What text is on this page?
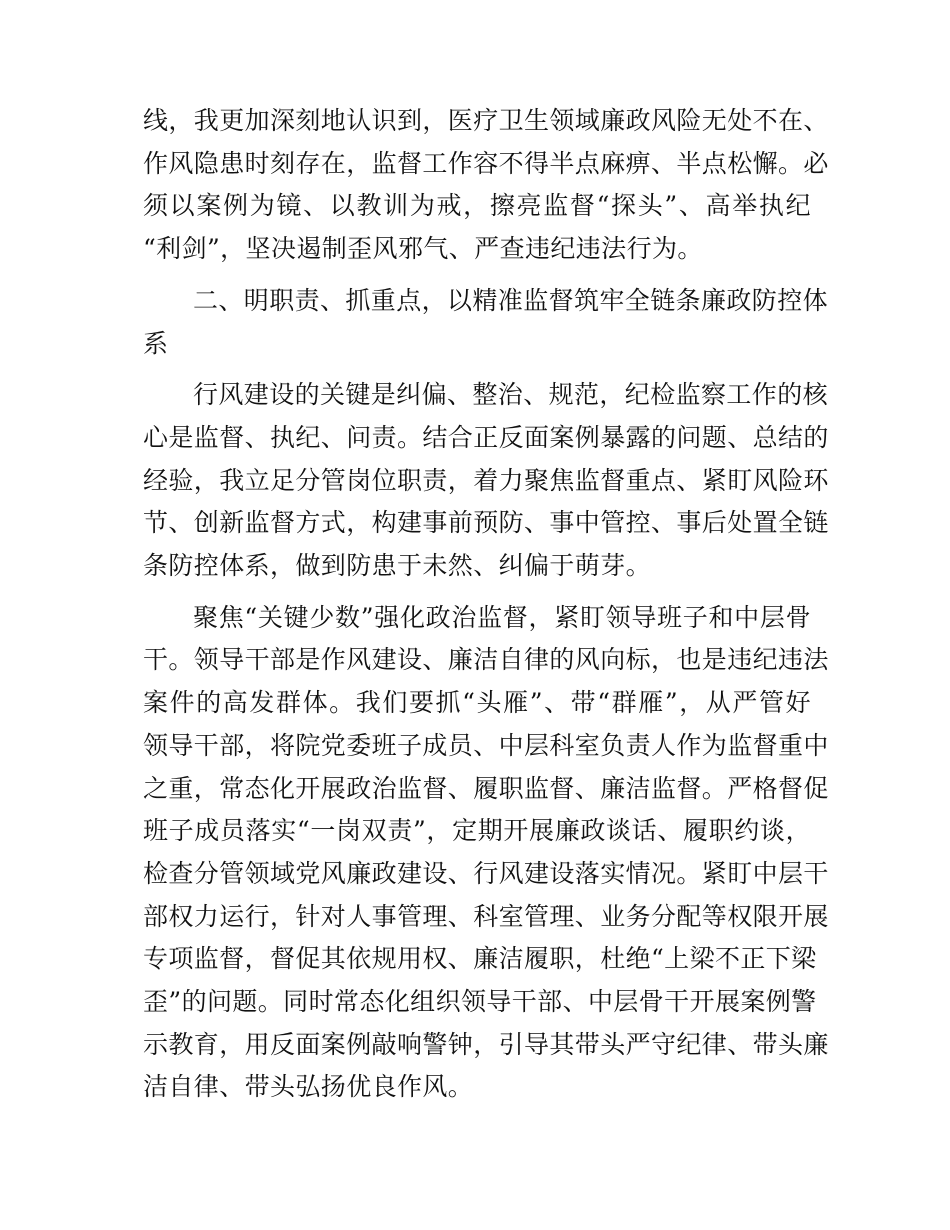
线，我更加深刻地认识到，医疗卫生领域廉政风险无处不在、
作风隐患时刻存在，监督工作容不得半点麻痹、半点松懈。必
须以案例为镜、以教训为戒，擦亮监督“探头”、高举执纪
“利剑”，坚决遏制歪风邪气、严查违纪违法行为。
二、明职责、抓重点，以精准监督筑牢全链条廉政防控体
系
行风建设的关键是纠偏、整治、规范，纪检监察工作的核
心是监督、执纪、问责。结合正反面案例暴露的问题、总结的
经验，我立足分管岗位职责，着力聚焦监督重点、紧盯风险环
节、创新监督方式，构建事前预防、事中管控、事后处置全链
条防控体系，做到防患于未然、纠偏于萌芽。
聚焦“关键少数”强化政治监督，紧盯领导班子和中层骨
干。领导干部是作风建设、廉洁自律的风向标，也是违纪违法
案件的高发群体。我们要抓“头雁”、带“群雁”，从严管好
领导干部，将院党委班子成员、中层科室负责人作为监督重中
之重，常态化开展政治监督、履职监督、廉洁监督。严格督促
班子成员落实“一岗双责”，定期开展廉政谈话、履职约谈，
检查分管领域党风廉政建设、行风建设落实情况。紧盯中层干
部权力运行，针对人事管理、科室管理、业务分配等权限开展
专项监督，督促其依规用权、廉洁履职，杜绝“上梁不正下梁
歪”的问题。同时常态化组织领导干部、中层骨干开展案例警
示教育，用反面案例敲响警钟，引导其带头严守纪律、带头廉
洁自律、带头弘扬优良作风。
